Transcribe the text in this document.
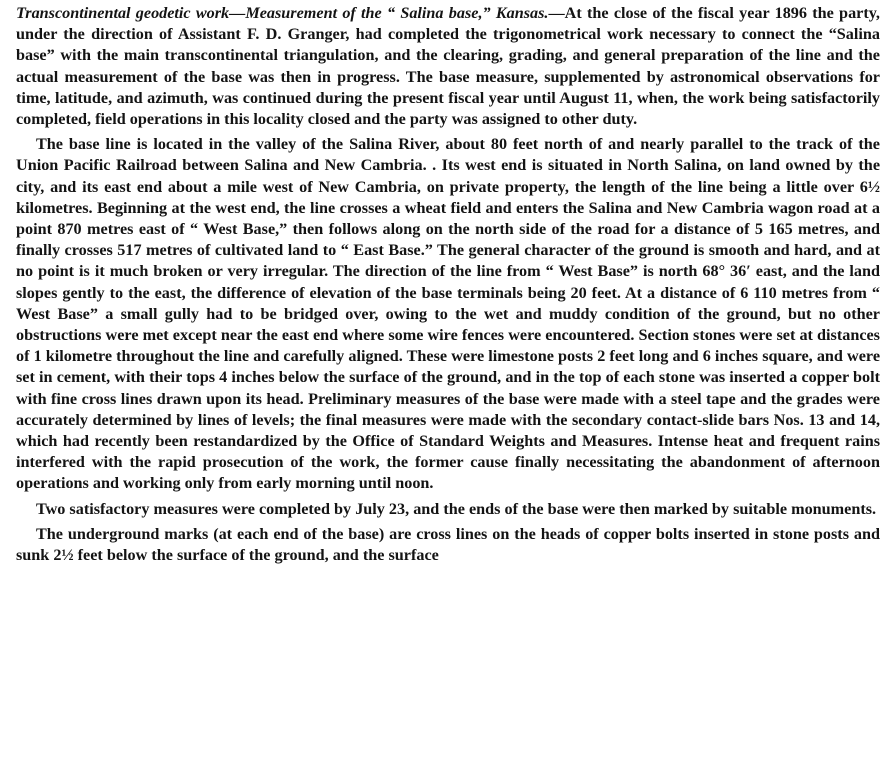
Transcontinental geodetic work—Measurement of the “ Salina base,” Kansas.—At the close of the fiscal year 1896 the party, under the direction of Assistant F. D. Granger, had completed the trigonometrical work necessary to connect the “Salina base” with the main transcontinental triangulation, and the clearing, grading, and general preparation of the line and the actual measurement of the base was then in progress. The base measure, supplemented by astronomical observations for time, latitude, and azimuth, was continued during the present fiscal year until August 11, when, the work being satisfactorily completed, field operations in this locality closed and the party was assigned to other duty.

The base line is located in the valley of the Salina River, about 80 feet north of and nearly parallel to the track of the Union Pacific Railroad between Salina and New Cambria. . Its west end is situated in North Salina, on land owned by the city, and its east end about a mile west of New Cambria, on private property, the length of the line being a little over 6½ kilometres. Beginning at the west end, the line crosses a wheat field and enters the Salina and New Cambria wagon road at a point 870 metres east of “ West Base,” then follows along on the north side of the road for a distance of 5 165 metres, and finally crosses 517 metres of cultivated land to “ East Base.” The general character of the ground is smooth and hard, and at no point is it much broken or very irregular. The direction of the line from “ West Base” is north 68° 36′ east, and the land slopes gently to the east, the difference of elevation of the base terminals being 20 feet. At a distance of 6 110 metres from “ West Base” a small gully had to be bridged over, owing to the wet and muddy condition of the ground, but no other obstructions were met except near the east end where some wire fences were encountered. Section stones were set at distances of 1 kilometre throughout the line and carefully aligned. These were limestone posts 2 feet long and 6 inches square, and were set in cement, with their tops 4 inches below the surface of the ground, and in the top of each stone was inserted a copper bolt with fine cross lines drawn upon its head. Preliminary measures of the base were made with a steel tape and the grades were accurately determined by lines of levels; the final measures were made with the secondary contact-slide bars Nos. 13 and 14, which had recently been restandardized by the Office of Standard Weights and Measures. Intense heat and frequent rains interfered with the rapid prosecution of the work, the former cause finally necessitating the abandonment of afternoon operations and working only from early morning until noon.

Two satisfactory measures were completed by July 23, and the ends of the base were then marked by suitable monuments.

The underground marks (at each end of the base) are cross lines on the heads of copper bolts inserted in stone posts and sunk 2½ feet below the surface of the ground, and the surface
